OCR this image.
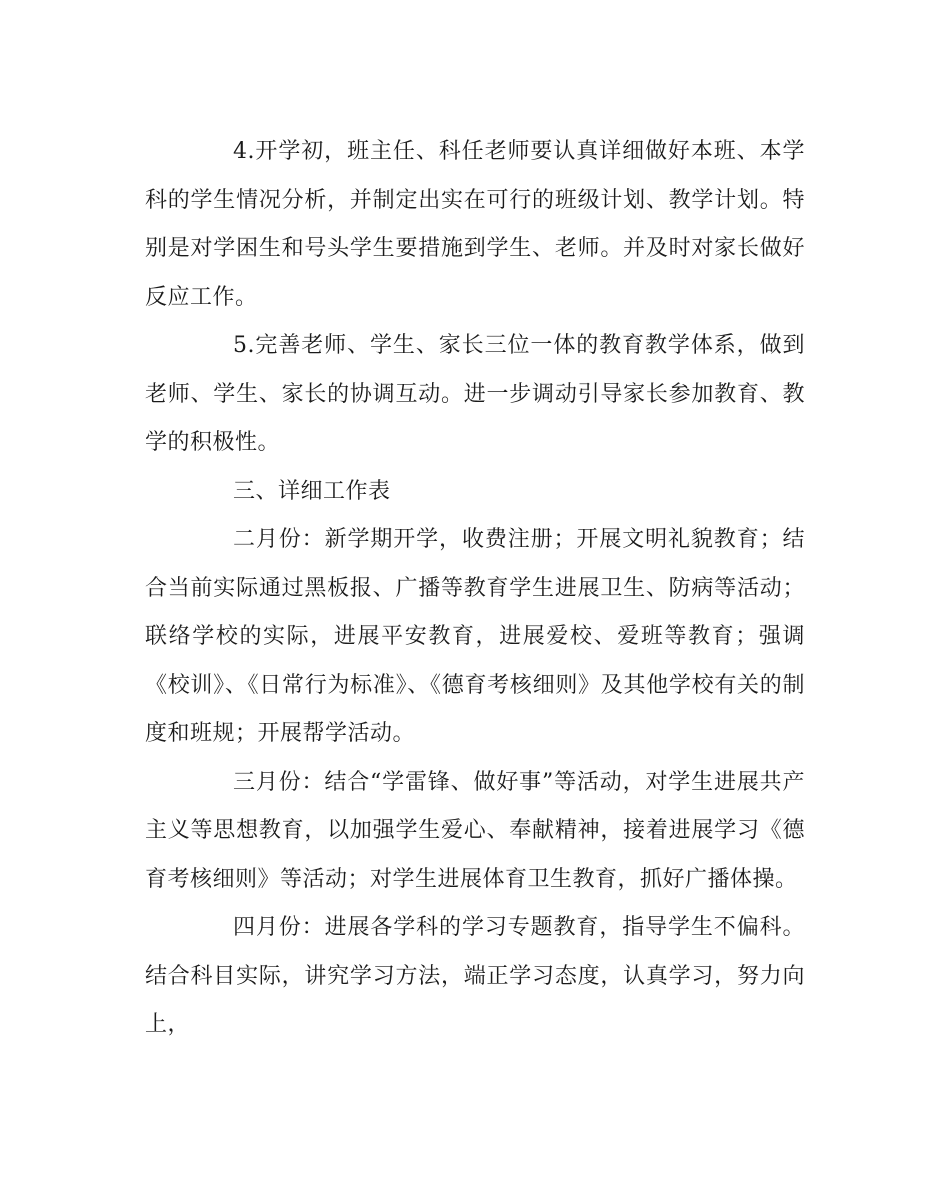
4.开学初，班主任、科任老师要认真详细做好本班、本学科的学生情况分析，并制定出实在可行的班级计划、教学计划。特别是对学困生和号头学生要措施到学生、老师。并及时对家长做好反应工作。

5.完善老师、学生、家长三位一体的教育教学体系，做到老师、学生、家长的协调互动。进一步调动引导家长参加教育、教学的积极性。

三、详细工作表

二月份：新学期开学，收费注册；开展文明礼貌教育；结合当前实际通过黑板报、广播等教育学生进展卫生、防病等活动；联络学校的实际，进展平安教育，进展爱校、爱班等教育；强调《校训》、《日常行为标准》、《德育考核细则》及其他学校有关的制度和班规；开展帮学活动。

三月份：结合“学雷锋、做好事”等活动，对学生进展共产主义等思想教育，以加强学生爱心、奉献精神，接着进展学习《德育考核细则》等活动；对学生进展体育卫生教育，抓好广播体操。

四月份：进展各学科的学习专题教育，指导学生不偏科。结合科目实际，讲究学习方法，端正学习态度，认真学习，努力向上，
